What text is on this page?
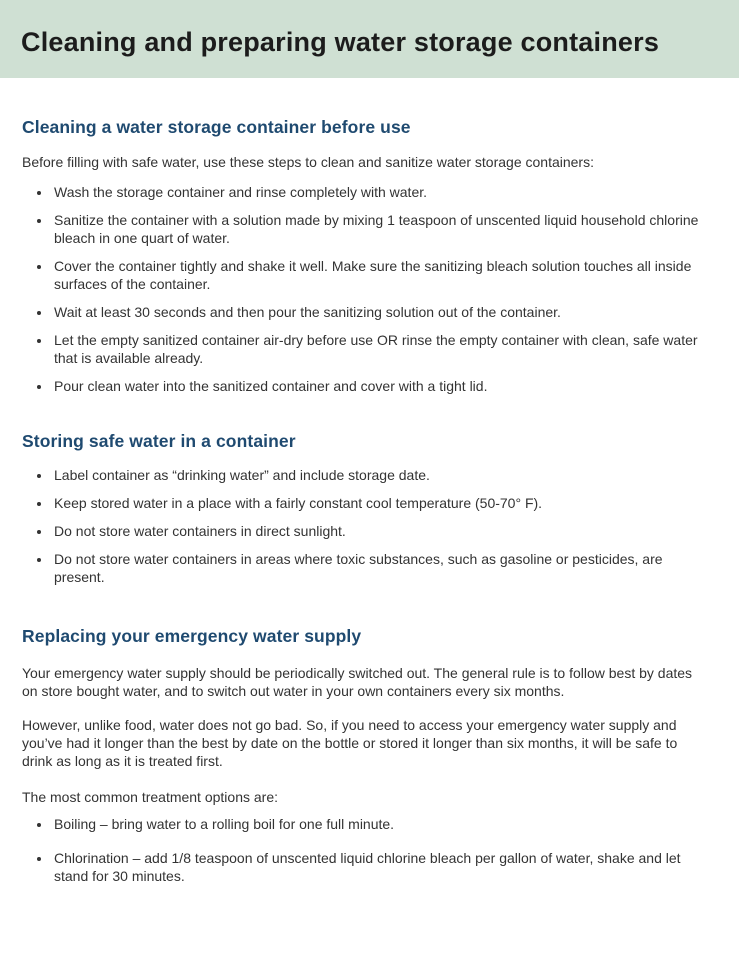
Cleaning and preparing water storage containers
Cleaning a water storage container before use

Before filling with safe water, use these steps to clean and sanitize water storage containers:

• Wash the storage container and rinse completely with water.
• Sanitize the container with a solution made by mixing 1 teaspoon of unscented liquid household chlorine bleach in one quart of water.
• Cover the container tightly and shake it well. Make sure the sanitizing bleach solution touches all inside surfaces of the container.
• Wait at least 30 seconds and then pour the sanitizing solution out of the container.
• Let the empty sanitized container air-dry before use OR rinse the empty container with clean, safe water that is available already.
• Pour clean water into the sanitized container and cover with a tight lid.
Storing safe water in a container
• Label container as “drinking water” and include storage date.
• Keep stored water in a place with a fairly constant cool temperature (50-70° F).
• Do not store water containers in direct sunlight.
• Do not store water containers in areas where toxic substances, such as gasoline or pesticides, are present.
Replacing your emergency water supply

Your emergency water supply should be periodically switched out. The general rule is to follow best by dates on store bought water, and to switch out water in your own containers every six months.

However, unlike food, water does not go bad. So, if you need to access your emergency water supply and you’ve had it longer than the best by date on the bottle or stored it longer than six months, it will be safe to drink as long as it is treated first.

The most common treatment options are:

• Boiling – bring water to a rolling boil for one full minute.
• Chlorination – add 1/8 teaspoon of unscented liquid chlorine bleach per gallon of water, shake and let stand for 30 minutes.
